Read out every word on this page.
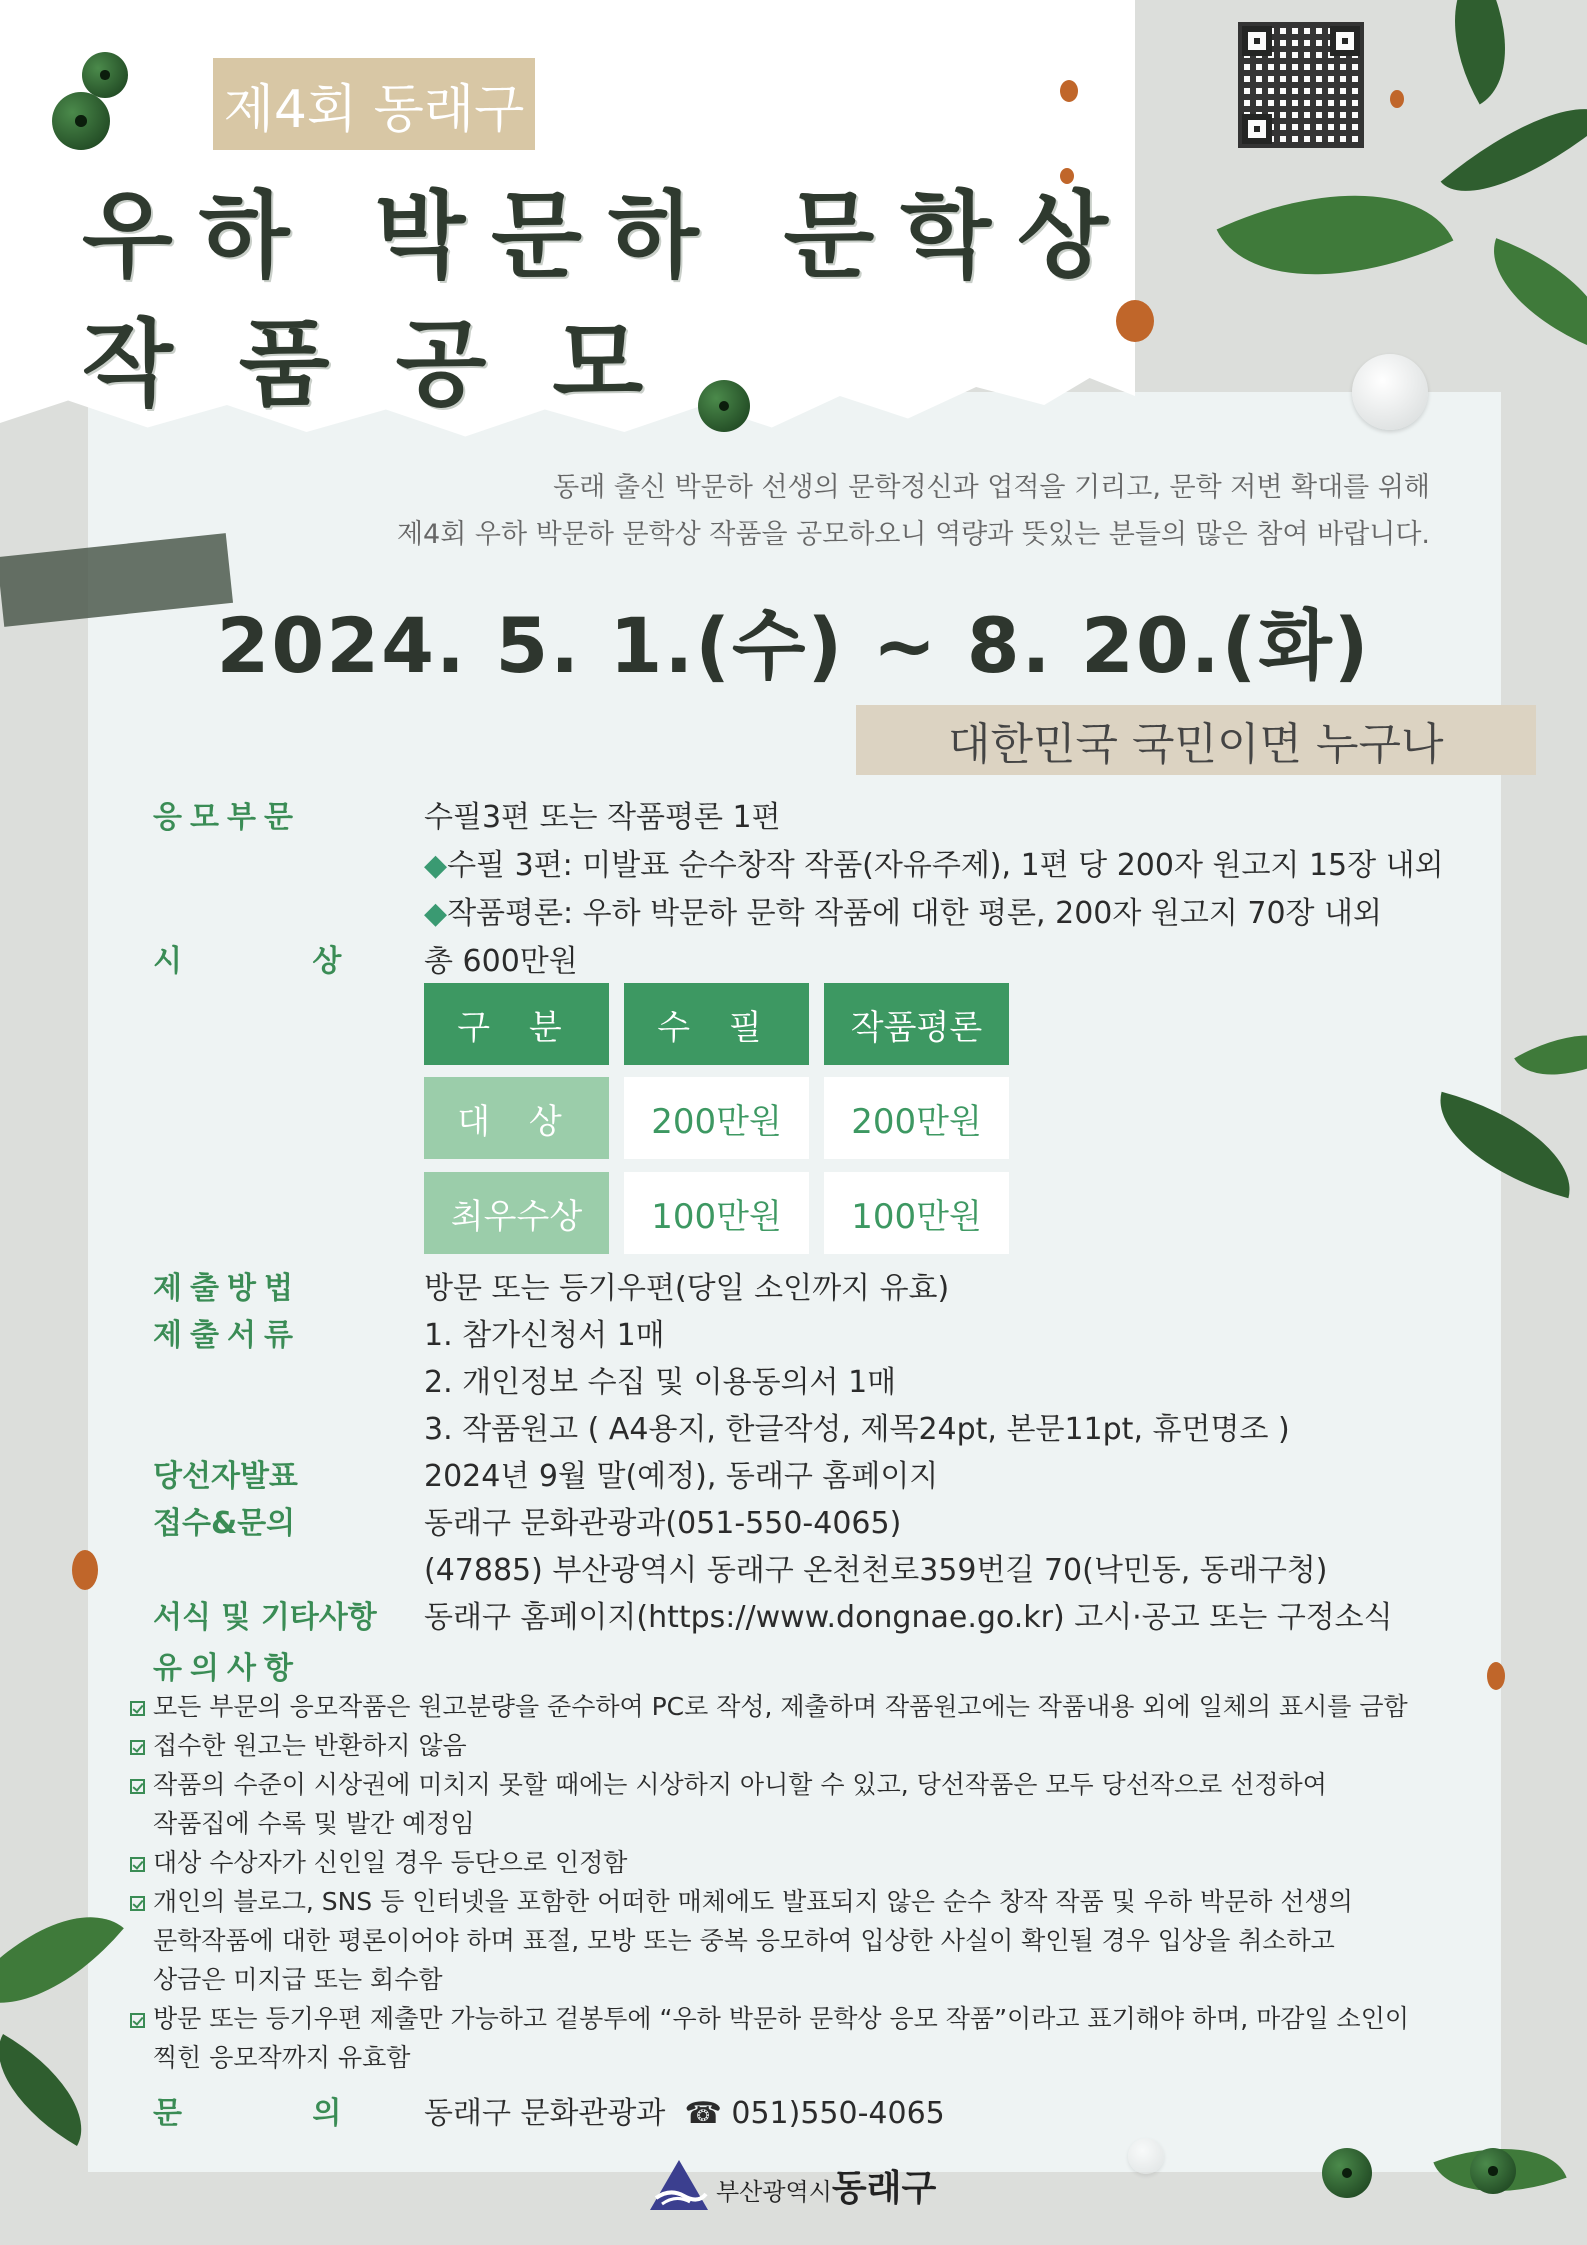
제4회 동래구
우하 박문하 문학상
작품공모
동래 출신 박문하 선생의 문학정신과 업적을 기리고, 문학 저변 확대를 위해
제4회 우하 박문하 문학상 작품을 공모하오니 역량과 뜻있는 분들의 많은 참여 바랍니다.
2024. 5. 1.(수) ~ 8. 20.(화)
대한민국 국민이면 누구나
응모부문	수필3편 또는 작품평론 1편
◆수필 3편: 미발표 순수창작 작품(자유주제), 1편 당 200자 원고지 15장 내외
◆작품평론: 우하 박문하 문학 작품에 대한 평론, 200자 원고지 70장 내외
시 상 총 600만원
구 분	수 필	작품평론
대 상	200만원	200만원
최우수상	100만원	100만원
제출방법	방문 또는 등기우편(당일 소인까지 유효)
제출서류	1. 참가신청서 1매
2. 개인정보 수집 및 이용동의서 1매
3. 작품원고 ( A4용지, 한글작성, 제목24pt, 본문11pt, 휴먼명조 )
당선자발표	2024년 9월 말(예정), 동래구 홈페이지
접수&문의	동래구 문화관광과(051-550-4065)
(47885) 부산광역시 동래구 온천천로359번길 70(낙민동, 동래구청)
서식 및 기타사항 동래구 홈페이지(https://www.dongnae.go.kr) 고시·공고 또는 구정소식
유의사항
모든 부문의 응모작품은 원고분량을 준수하여 PC로 작성, 제출하며 작품원고에는 작품내용 외에 일체의 표시를 금함
접수한 원고는 반환하지 않음
작품의 수준이 시상권에 미치지 못할 때에는 시상하지 아니할 수 있고, 당선작품은 모두 당선작으로 선정하여
작품집에 수록 및 발간 예정임
대상 수상자가 신인일 경우 등단으로 인정함
개인의 블로그, SNS 등 인터넷을 포함한 어떠한 매체에도 발표되지 않은 순수 창작 작품 및 우하 박문하 선생의
문학작품에 대한 평론이어야 하며 표절, 모방 또는 중복 응모하여 입상한 사실이 확인될 경우 입상을 취소하고
상금은 미지급 또는 회수함
방문 또는 등기우편 제출만 가능하고 겉봉투에 “우하 박문하 문학상 응모 작품”이라고 표기해야 하며, 마감일 소인이
찍힌 응모작까지 유효함
문 의 동래구 문화관광과 ☎ 051)550-4065
부산광역시동래구
